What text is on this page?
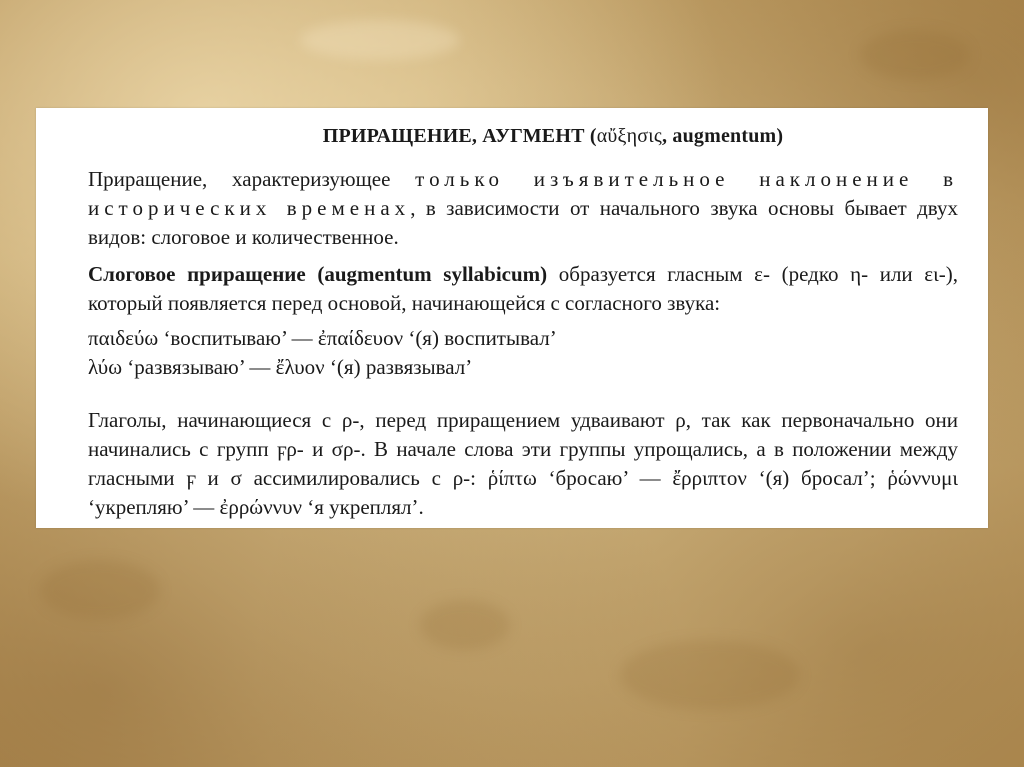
ПРИРАЩЕНИЕ, АУГМЕНТ (αὔξησις, augmentum)

Приращение, характеризующее только изъявительное наклонение в исторических временах, в зависимости от начального звука основы бывает двух видов: слоговое и количественное.

Слоговое приращение (augmentum syllabicum) образуется гласным ε- (редко η- или ει-), который появляется перед основой, начинающейся с согласного звука:

παιδεύω ‘воспитываю’ — ἐπαίδευον ‘(я) воспитывал’

λύω ‘развязываю’ — ἔλυον ‘(я) развязывал’

Глаголы, начинающиеся с ρ-, перед приращением удваивают ρ, так как первоначально они начинались с групп ϝρ- и σρ-. В начале слова эти группы упрощались, а в положении между гласными ϝ и σ ассимилировались с ρ-: ῥίπτω ‘бросаю’ — ἔρριπτον ‘(я) бросал’; ῥώννυμι ‘укрепляю’ — ἐρρώννυν ‘я укреплял’.
